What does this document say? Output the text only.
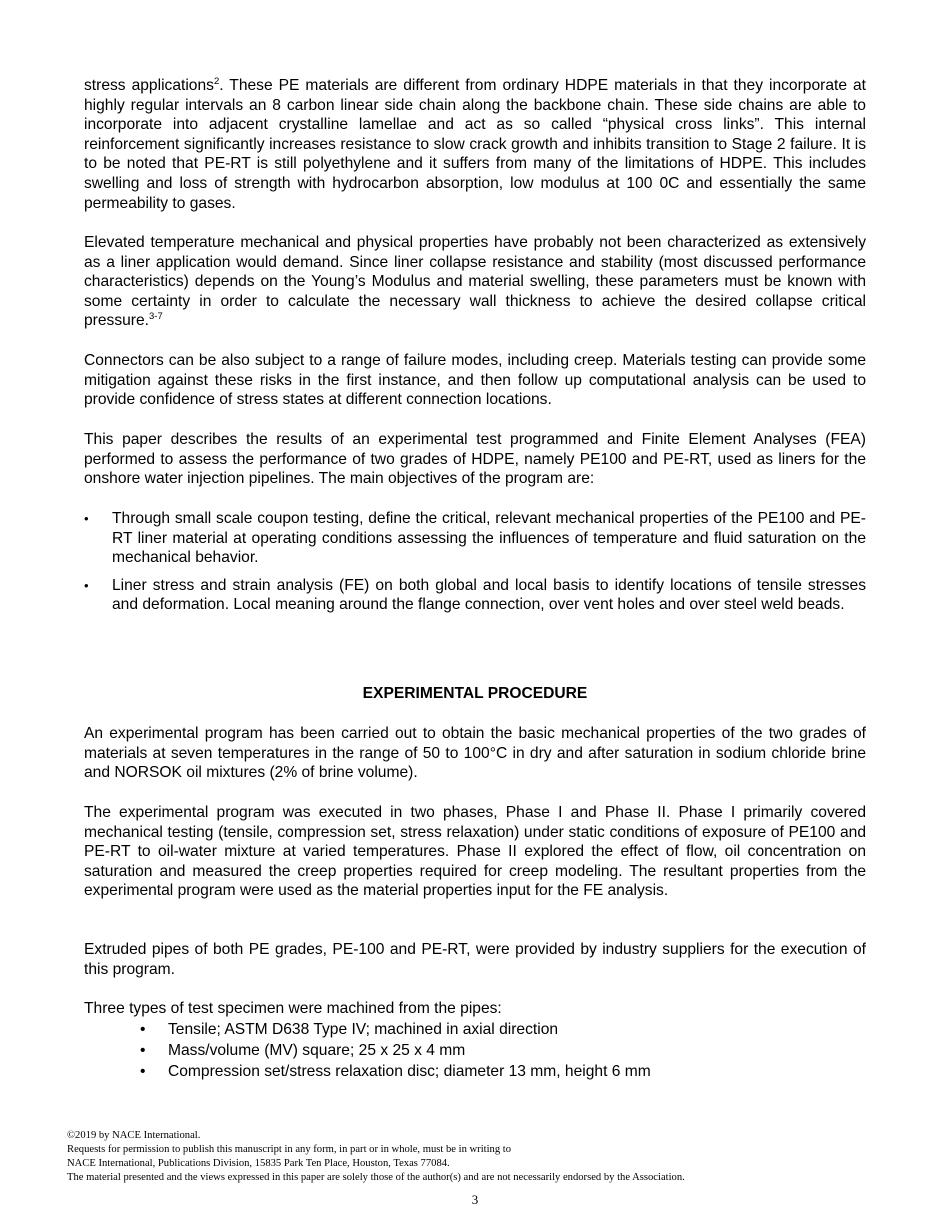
stress applications$^2$. These PE materials are different from ordinary HDPE materials in that they incorporate at highly regular intervals an 8 carbon linear side chain along the backbone chain. These side chains are able to incorporate into adjacent crystalline lamellae and act as so called “physical cross links”. This internal reinforcement significantly increases resistance to slow crack growth and inhibits transition to Stage 2 failure. It is to be noted that PE-RT is still polyethylene and it suffers from many of the limitations of HDPE. This includes swelling and loss of strength with hydrocarbon absorption, low modulus at 100 0C and essentially the same permeability to gases.

Elevated temperature mechanical and physical properties have probably not been characterized as extensively as a liner application would demand. Since liner collapse resistance and stability (most discussed performance characteristics) depends on the Young’s Modulus and material swelling, these parameters must be known with some certainty in order to calculate the necessary wall thickness to achieve the desired collapse critical pressure.$^{3-7}$

Connectors can be also subject to a range of failure modes, including creep. Materials testing can provide some mitigation against these risks in the first instance, and then follow up computational analysis can be used to provide confidence of stress states at different connection locations.

This paper describes the results of an experimental test programmed and Finite Element Analyses (FEA) performed to assess the performance of two grades of HDPE, namely PE100 and PE-RT, used as liners for the onshore water injection pipelines. The main objectives of the program are:

• Through small scale coupon testing, define the critical, relevant mechanical properties of the PE100 and PE-RT liner material at operating conditions assessing the influences of temperature and fluid saturation on the mechanical behavior.
• Liner stress and strain analysis (FE) on both global and local basis to identify locations of tensile stresses and deformation. Local meaning around the flange connection, over vent holes and over steel weld beads.
EXPERIMENTAL PROCEDURE

An experimental program has been carried out to obtain the basic mechanical properties of the two grades of materials at seven temperatures in the range of 50 to 100°C in dry and after saturation in sodium chloride brine and NORSOK oil mixtures (2% of brine volume).

The experimental program was executed in two phases, Phase I and Phase II. Phase I primarily covered mechanical testing (tensile, compression set, stress relaxation) under static conditions of exposure of PE100 and PE-RT to oil-water mixture at varied temperatures. Phase II explored the effect of flow, oil concentration on saturation and measured the creep properties required for creep modeling. The resultant properties from the experimental program were used as the material properties input for the FE analysis.

Extruded pipes of both PE grades, PE-100 and PE-RT, were provided by industry suppliers for the execution of this program.

Three types of test specimen were machined from the pipes:

• Tensile; ASTM D638 Type IV; machined in axial direction
• Mass/volume (MV) square; 25 x 25 x 4 mm
• Compression set/stress relaxation disc; diameter 13 mm, height 6 mm
©2019 by NACE International.
Requests for permission to publish this manuscript in any form, in part or in whole, must be in writing to
NACE International, Publications Division, 15835 Park Ten Place, Houston, Texas 77084.
The material presented and the views expressed in this paper are solely those of the author(s) and are not necessarily endorsed by the Association.
3
